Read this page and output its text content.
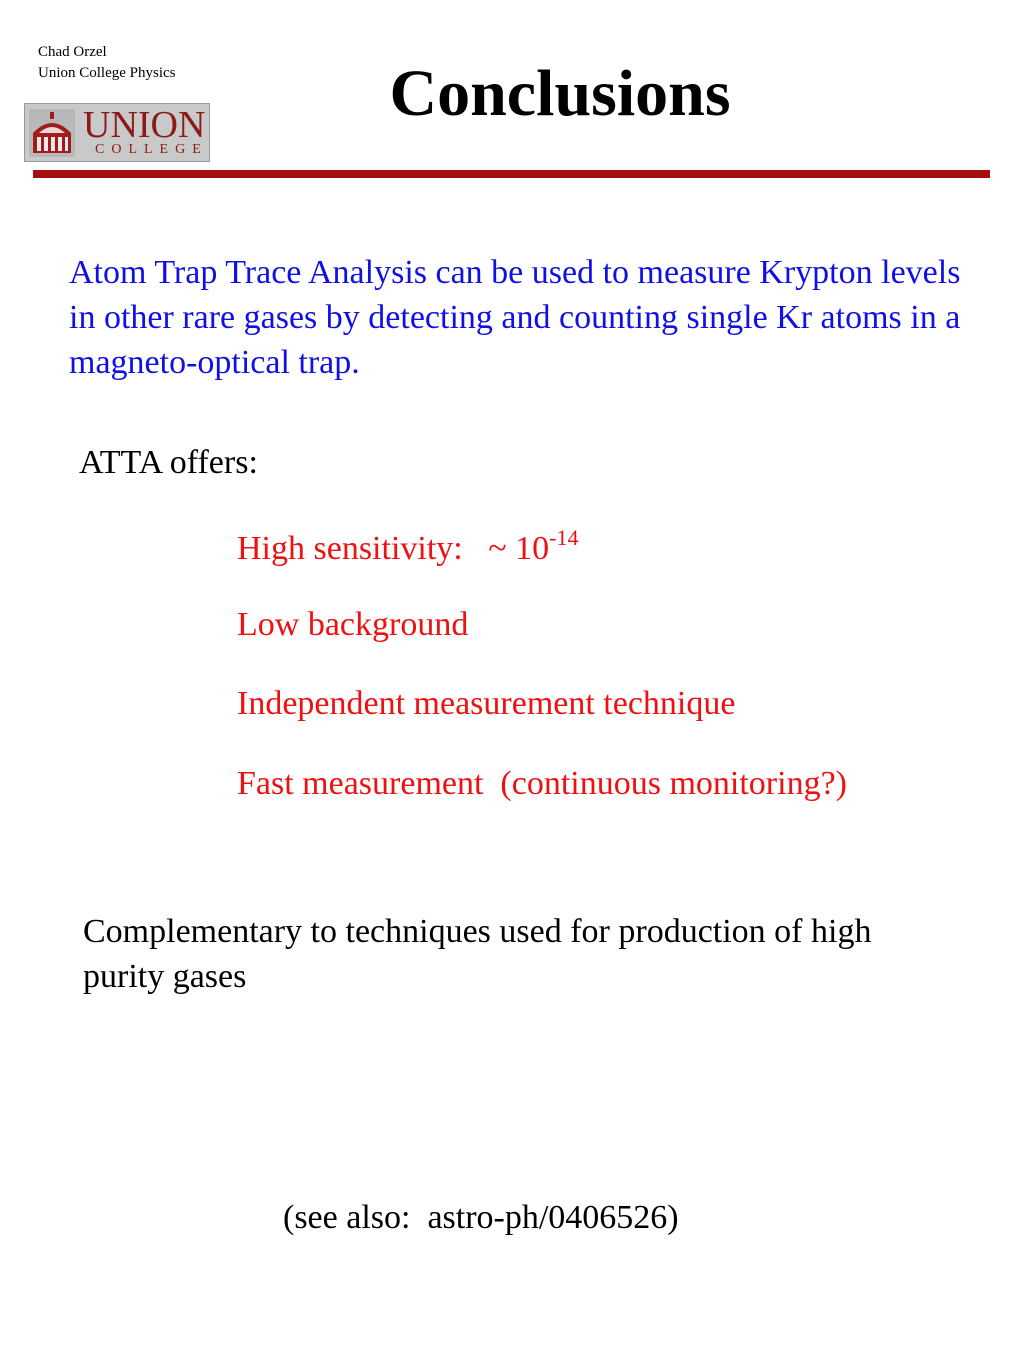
Chad Orzel
Union College Physics
UNION
COLLEGE
Conclusions

Atom Trap Trace Analysis can be used to measure Krypton levels in other rare gases by detecting and counting single Kr atoms in a magneto-optical trap.

ATTA offers:

High sensitivity: ~ $10^{-14}$

Low background

Independent measurement technique

Fast measurement  (continuous monitoring?)

Complementary to techniques used for production of high purity gases

(see also:  astro-ph/0406526)
